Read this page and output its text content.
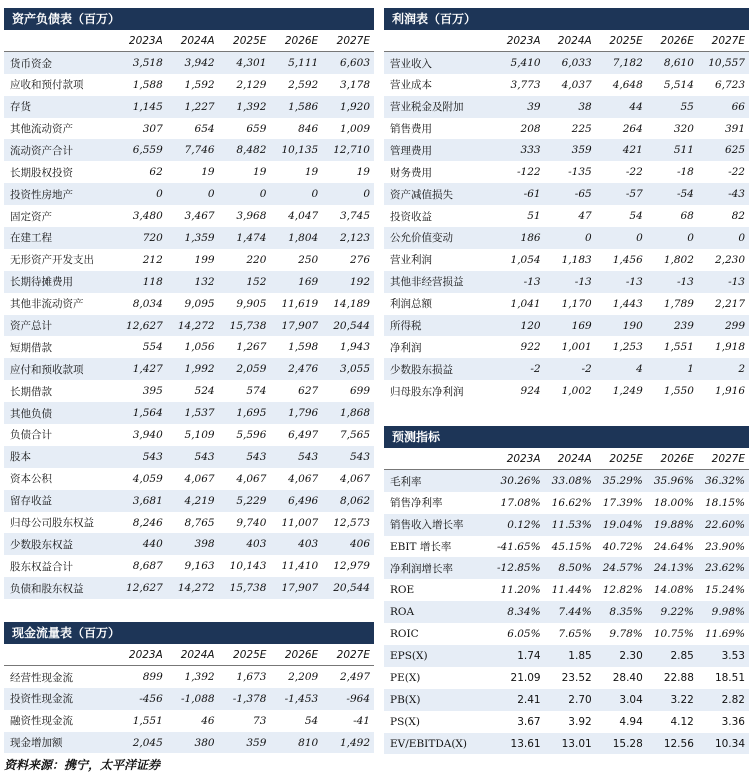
资产负债表（百万）
	2023A	2024A	2025E	2026E	2027E
货币资金	3,518	3,942	4,301	5,111	6,603
应收和预付款项	1,588	1,592	2,129	2,592	3,178
存货	1,145	1,227	1,392	1,586	1,920
其他流动资产	307	654	659	846	1,009
流动资产合计	6,559	7,746	8,482	10,135	12,710
长期股权投资	62	19	19	19	19
投资性房地产	0	0	0	0	0
固定资产	3,480	3,467	3,968	4,047	3,745
在建工程	720	1,359	1,474	1,804	2,123
无形资产开发支出	212	199	220	250	276
长期待摊费用	118	132	152	169	192
其他非流动资产	8,034	9,095	9,905	11,619	14,189
资产总计	12,627	14,272	15,738	17,907	20,544
短期借款	554	1,056	1,267	1,598	1,943
应付和预收款项	1,427	1,992	2,059	2,476	3,055
长期借款	395	524	574	627	699
其他负债	1,564	1,537	1,695	1,796	1,868
负债合计	3,940	5,109	5,596	6,497	7,565
股本	543	543	543	543	543
资本公积	4,059	4,067	4,067	4,067	4,067
留存收益	3,681	4,219	5,229	6,496	8,062
归母公司股东权益	8,246	8,765	9,740	11,007	12,573
少数股东权益	440	398	403	403	406
股东权益合计	8,687	9,163	10,143	11,410	12,979
负债和股东权益	12,627	14,272	15,738	17,907	20,544
利润表（百万）
	2023A	2024A	2025E	2026E	2027E
营业收入	5,410	6,033	7,182	8,610	10,557
营业成本	3,773	4,037	4,648	5,514	6,723
营业税金及附加	39	38	44	55	66
销售费用	208	225	264	320	391
管理费用	333	359	421	511	625
财务费用	-122	-135	-22	-18	-22
资产减值损失	-61	-65	-57	-54	-43
投资收益	51	47	54	68	82
公允价值变动	186	0	0	0	0
营业利润	1,054	1,183	1,456	1,802	2,230
其他非经营损益	-13	-13	-13	-13	-13
利润总额	1,041	1,170	1,443	1,789	2,217
所得税	120	169	190	239	299
净利润	922	1,001	1,253	1,551	1,918
少数股东损益	-2	-2	4	1	2
归母股东净利润	924	1,002	1,249	1,550	1,916
预测指标
	2023A	2024A	2025E	2026E	2027E
毛利率	30.26%	33.08%	35.29%	35.96%	36.32%
销售净利率	17.08%	16.62%	17.39%	18.00%	18.15%
销售收入增长率	0.12%	11.53%	19.04%	19.88%	22.60%
EBIT 增长率	-41.65%	45.15%	40.72%	24.64%	23.90%
净利润增长率	-12.85%	8.50%	24.57%	24.13%	23.62%
ROE	11.20%	11.44%	12.82%	14.08%	15.24%
ROA	8.34%	7.44%	8.35%	9.22%	9.98%
ROIC	6.05%	7.65%	9.78%	10.75%	11.69%
EPS(X)	1.74	1.85	2.30	2.85	3.53
PE(X)	21.09	23.52	28.40	22.88	18.51
PB(X)	2.41	2.70	3.04	3.22	2.82
PS(X)	3.67	3.92	4.94	4.12	3.36
EV/EBITDA(X)	13.61	13.01	15.28	12.56	10.34
现金流量表（百万）
	2023A	2024A	2025E	2026E	2027E
经营性现金流	899	1,392	1,673	2,209	2,497
投资性现金流	-456	-1,088	-1,378	-1,453	-964
融资性现金流	1,551	46	73	54	-41
现金增加额	2,045	380	359	810	1,492
资料来源：携宁，太平洋证券
